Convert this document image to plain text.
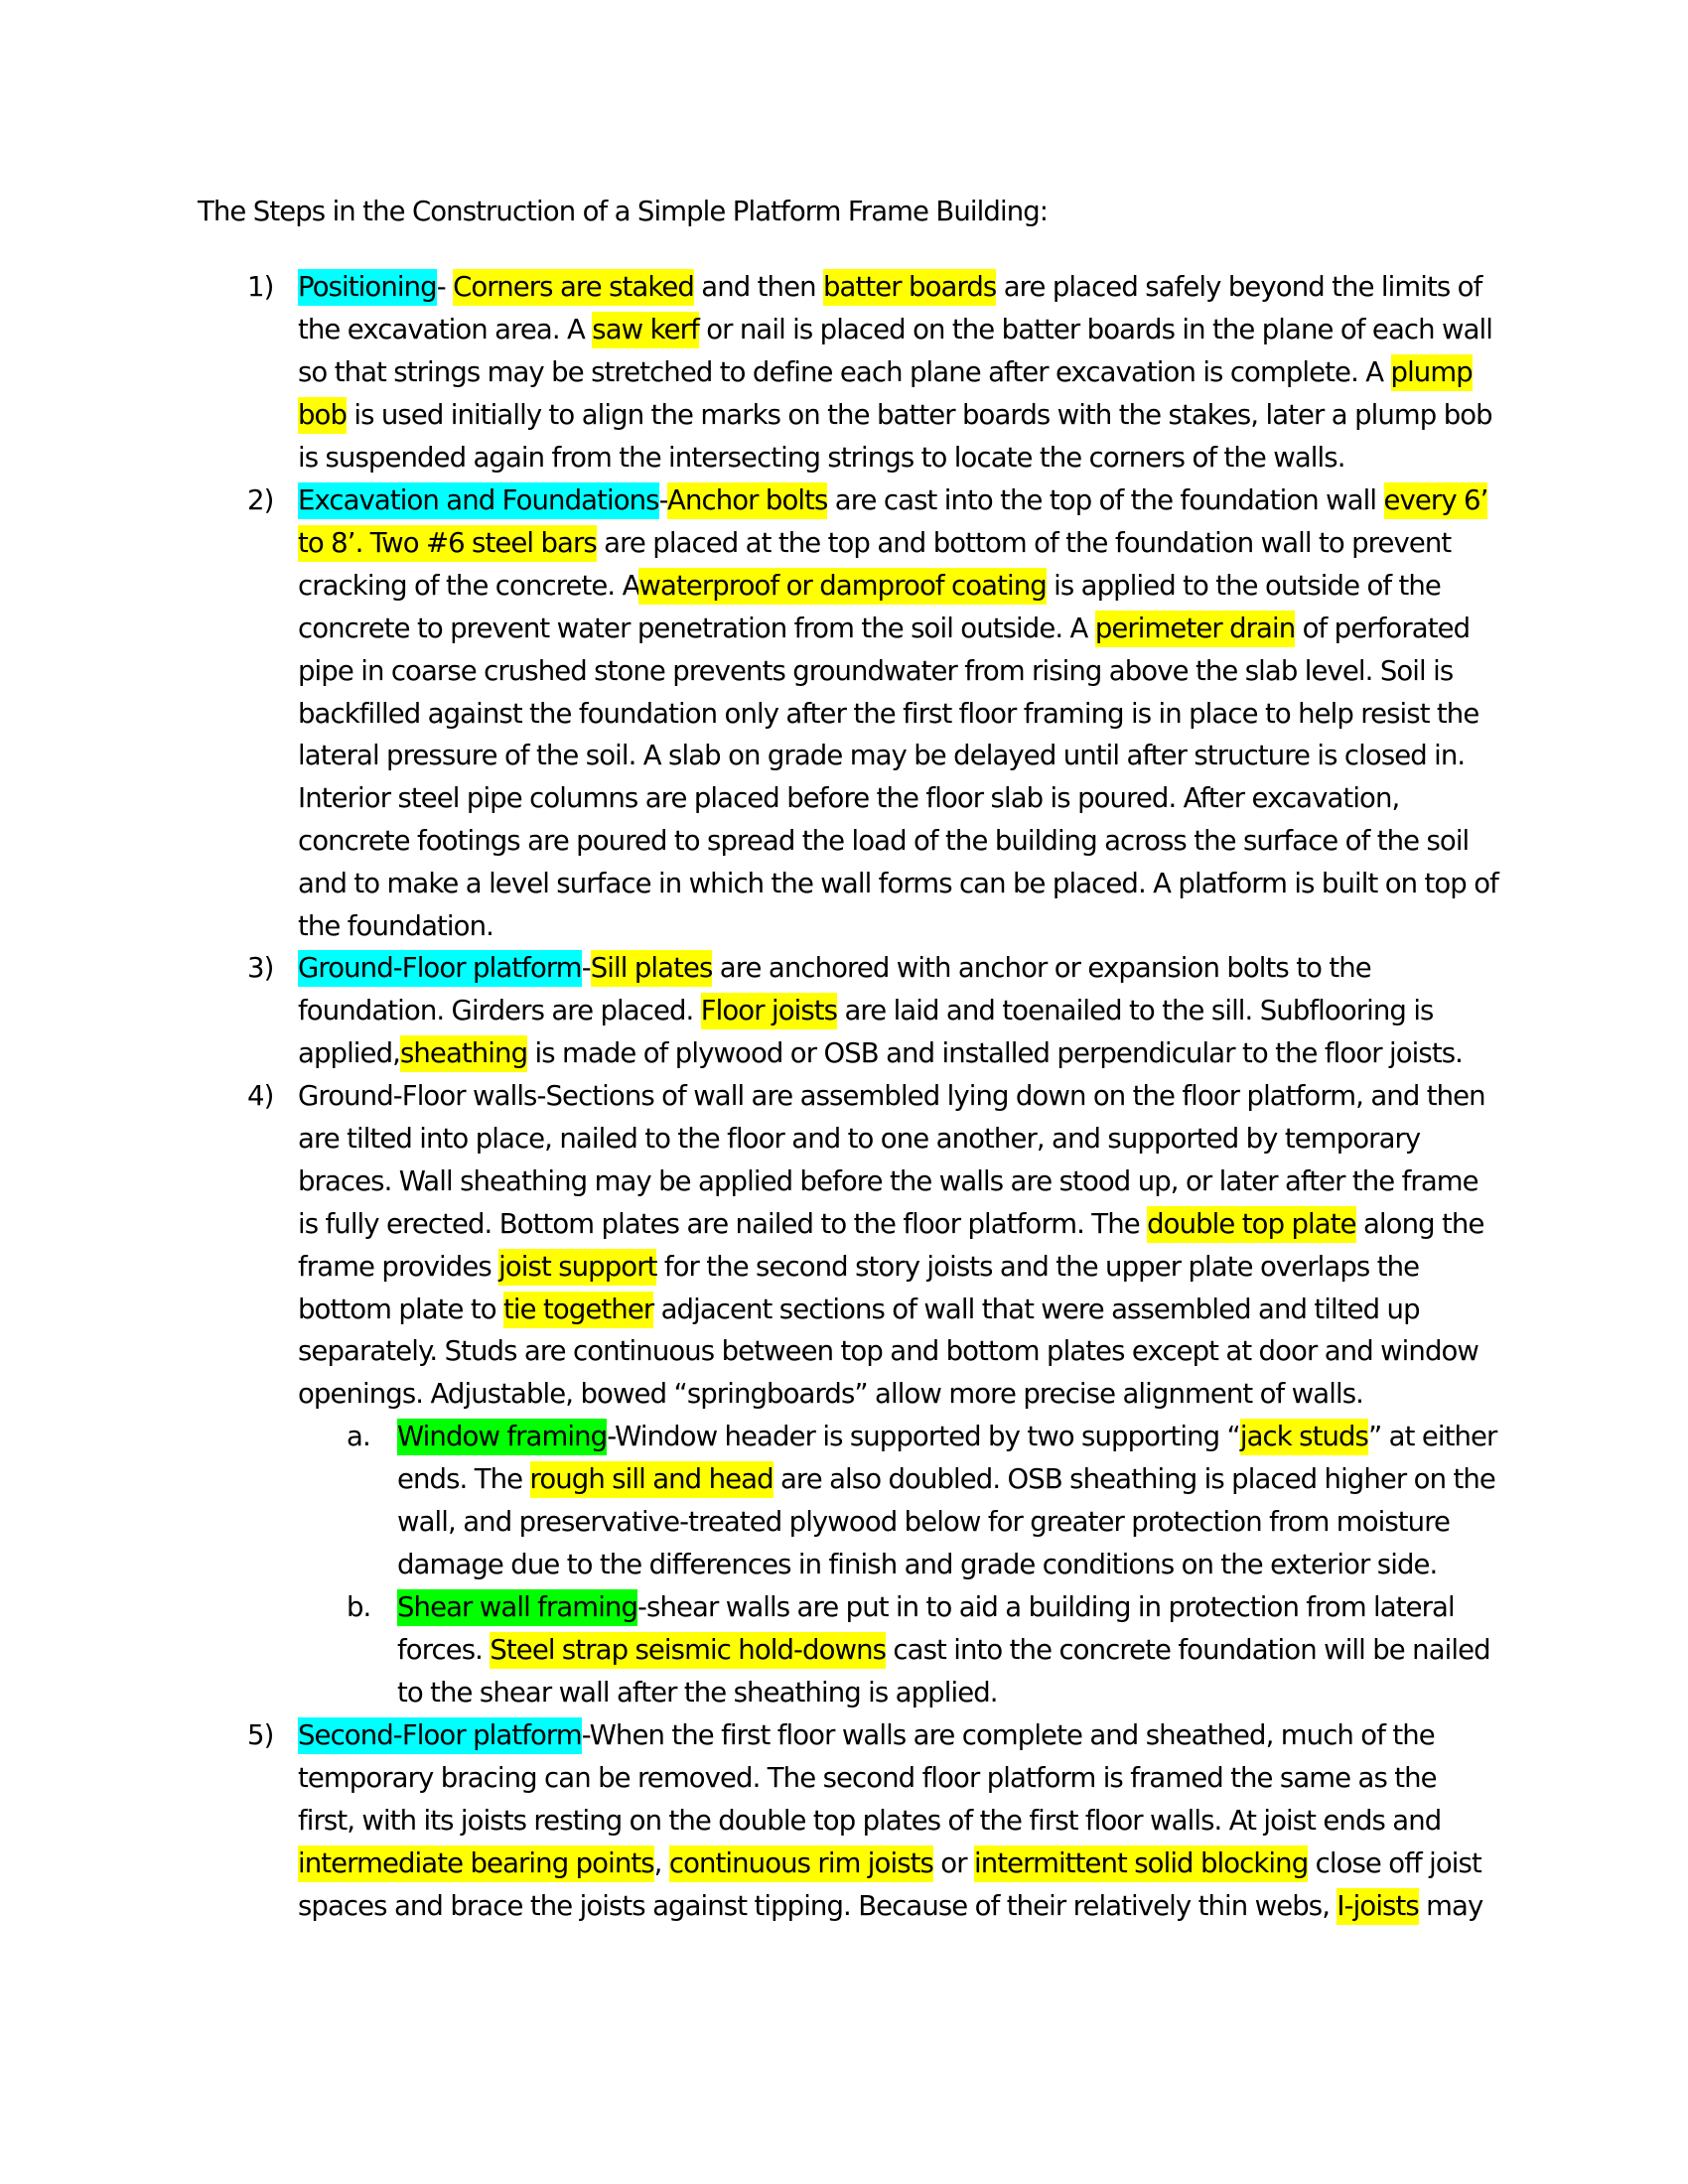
The Steps in the Construction of a Simple Platform Frame Building:
1) Positioning- Corners are staked and then batter boards are placed safely beyond the limits of the excavation area. A saw kerf or nail is placed on the batter boards in the plane of each wall so that strings may be stretched to define each plane after excavation is complete. A plump bob is used initially to align the marks on the batter boards with the stakes, later a plump bob is suspended again from the intersecting strings to locate the corners of the walls.
2) Excavation and Foundations-Anchor bolts are cast into the top of the foundation wall every 6’ to 8’. Two #6 steel bars are placed at the top and bottom of the foundation wall to prevent cracking of the concrete. Awaterproof or damproof coating is applied to the outside of the concrete to prevent water penetration from the soil outside. A perimeter drain of perforated pipe in coarse crushed stone prevents groundwater from rising above the slab level. Soil is backfilled against the foundation only after the first floor framing is in place to help resist the lateral pressure of the soil. A slab on grade may be delayed until after structure is closed in. Interior steel pipe columns are placed before the floor slab is poured. After excavation, concrete footings are poured to spread the load of the building across the surface of the soil and to make a level surface in which the wall forms can be placed. A platform is built on top of the foundation.
3) Ground-Floor platform-Sill plates are anchored with anchor or expansion bolts to the foundation. Girders are placed. Floor joists are laid and toenailed to the sill. Subflooring is applied,sheathing is made of plywood or OSB and installed perpendicular to the floor joists.
4) Ground-Floor walls-Sections of wall are assembled lying down on the floor platform, and then are tilted into place, nailed to the floor and to one another, and supported by temporary braces. Wall sheathing may be applied before the walls are stood up, or later after the frame is fully erected. Bottom plates are nailed to the floor platform. The double top plate along the frame provides joist support for the second story joists and the upper plate overlaps the bottom plate to tie together adjacent sections of wall that were assembled and tilted up separately. Studs are continuous between top and bottom plates except at door and window openings. Adjustable, bowed “springboards” allow more precise alignment of walls.
a. Window framing-Window header is supported by two supporting “jack studs” at either ends. The rough sill and head are also doubled. OSB sheathing is placed higher on the wall, and preservative-treated plywood below for greater protection from moisture damage due to the differences in finish and grade conditions on the exterior side.
b. Shear wall framing-shear walls are put in to aid a building in protection from lateral forces. Steel strap seismic hold-downs cast into the concrete foundation will be nailed to the shear wall after the sheathing is applied.
5) Second-Floor platform-When the first floor walls are complete and sheathed, much of the temporary bracing can be removed. The second floor platform is framed the same as the first, with its joists resting on the double top plates of the first floor walls. At joist ends and intermediate bearing points, continuous rim joists or intermittent solid blocking close off joist spaces and brace the joists against tipping. Because of their relatively thin webs, I-joists may
